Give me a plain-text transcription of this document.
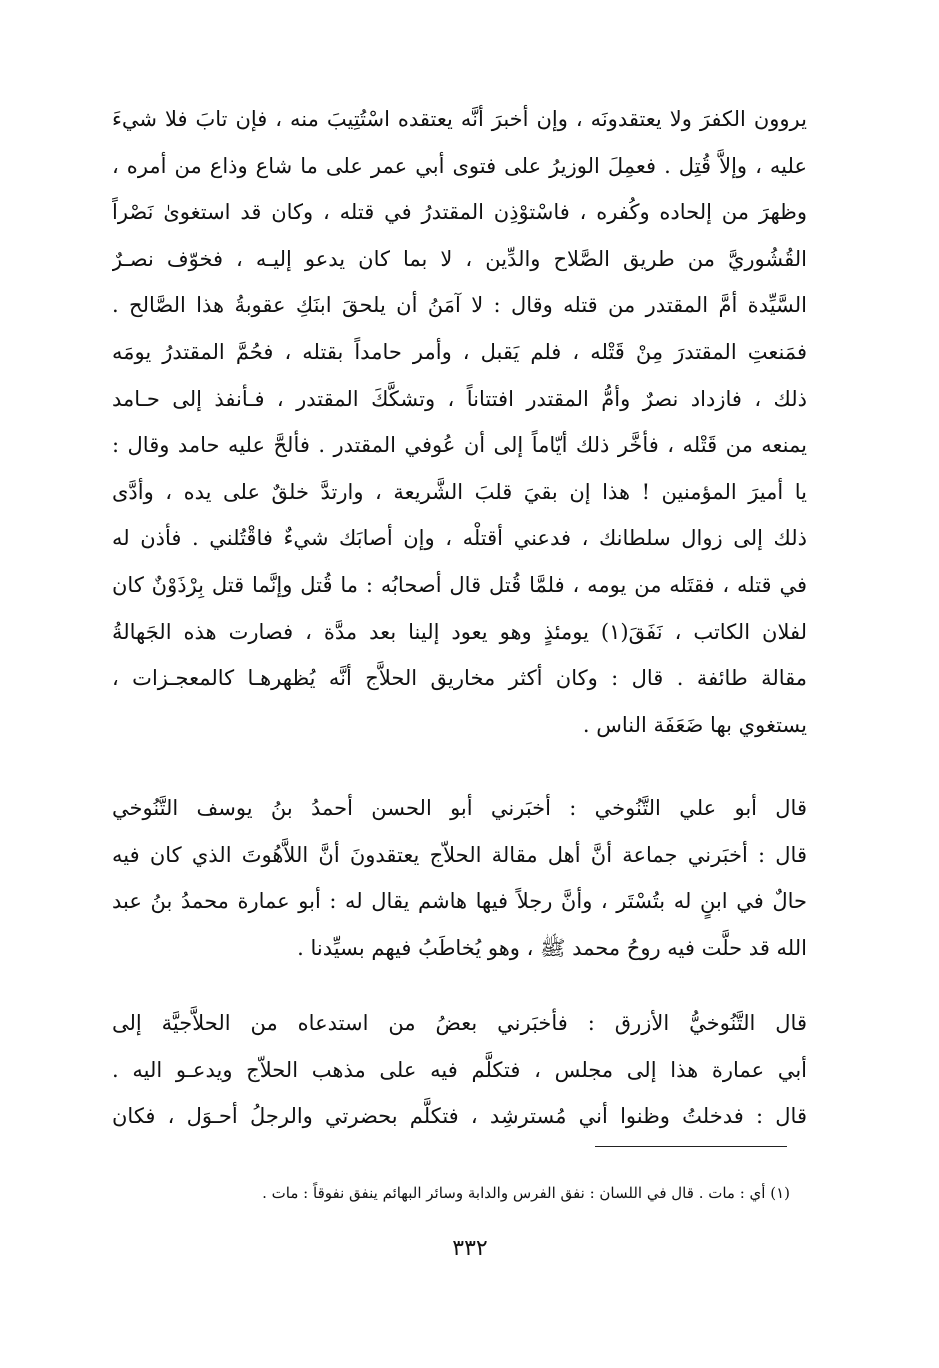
يروون الكفرَ ولا يعتقدونَه ، وإن أخبرَ أنَّه يعتقده اسْتُتِيبَ منه ، فإن تابَ فلا شيءَ
عليه ، وإلاَّ قُتِل . فعمِلَ الوزيرُ على فتوى أبي عمر على ما شاع وذاع من أمره ،
وظهرَ من إلحاده وكُفره ، فاسْتوْذِن المقتدرُ في قتله ، وكان قد استغوىٰ نَصْراً
القُشُوريَّ من طريق الصَّلاح والدِّين ، لا بما كان يدعو إليـه ، فخوّف نصـرٌ
السَّيِّدة أمَّ المقتدر من قتله وقال : لا آمَنُ أن يلحقَ ابنَكِ عقوبةُ هذا الصَّالح .
فمَنعتِ المقتدرَ مِنْ قَتْله ، فلم يَقبل ، وأمر حامداً بقتله ، فحُمَّ المقتدرُ يومَه
ذلك ، فازداد نصرٌ وأمُّ المقتدر افتتاناً ، وتشكَّكَ المقتدر ، فـأنفذ إلى حـامد
يمنعه من قَتْله ، فأخَّر ذلك أيّاماً إلى أن عُوفي المقتدر . فألحَّ عليه حامد وقال :
يا أميرَ المؤمنين ! هذا إن بقيَ قلبَ الشَّريعة ، وارتدَّ خلقٌ على يده ، وأدَّى
ذلك إلى زوال سلطانك ، فدعني أقتلْه ، وإن أصابَك شيءٌ فاقْتُلني . فأذن له
في قتله ، فقتَله من يومه ، فلمَّا قُتل قال أصحابُه : ما قُتل وإنَّما قتل بِرْذَوْنٌ كان
لفلان الكاتب ، نَفَقَ(١) يومئذٍ وهو يعود إلينا بعد مدَّة ، فصارت هذه الجَهالةُ
مقالة طائفة . قال : وكان أكثر مخاريق الحلاَّج أنَّه يُظهرهـا كالمعجـزات ،
يستغوي بها ضَعَفَة الناس .
قال أبو علي التَّنُوخي : أخبَرني أبو الحسن أحمدُ بنُ يوسف التَّنُوخي
قال : أخبَرني جماعة أنَّ أهل مقالة الحلاّج يعتقدونَ أنَّ اللاَّهُوتَ الذي كان فيه
حالٌ في ابنٍ له بتُسْتَر ، وأنَّ رجلاً فيها هاشم يقال له : أبو عمارة محمدُ بنُ عبد
الله قد حلَّت فيه روحُ محمد ﷺ ، وهو يُخاطَبُ فيهم بسيِّدنا .
قال التَّنُوخيُّ الأزرق : فأخبَرني بعضُ من استدعاه من الحلاَّجيَّة إلى
أبي عمارة هذا إلى مجلس ، فتكلَّم فيه على مذهب الحلاّج ويدعـو اليه .
قال : فدخلتُ وظنوا أني مُسترشِد ، فتكلَّم بحضرتي والرجلُ أحـوَل ، فكان
(١) أي : مات . قال في اللسان : نفق الفرس والدابة وسائر البهائم ينفق نفوقاً : مات .
٣٣٢
